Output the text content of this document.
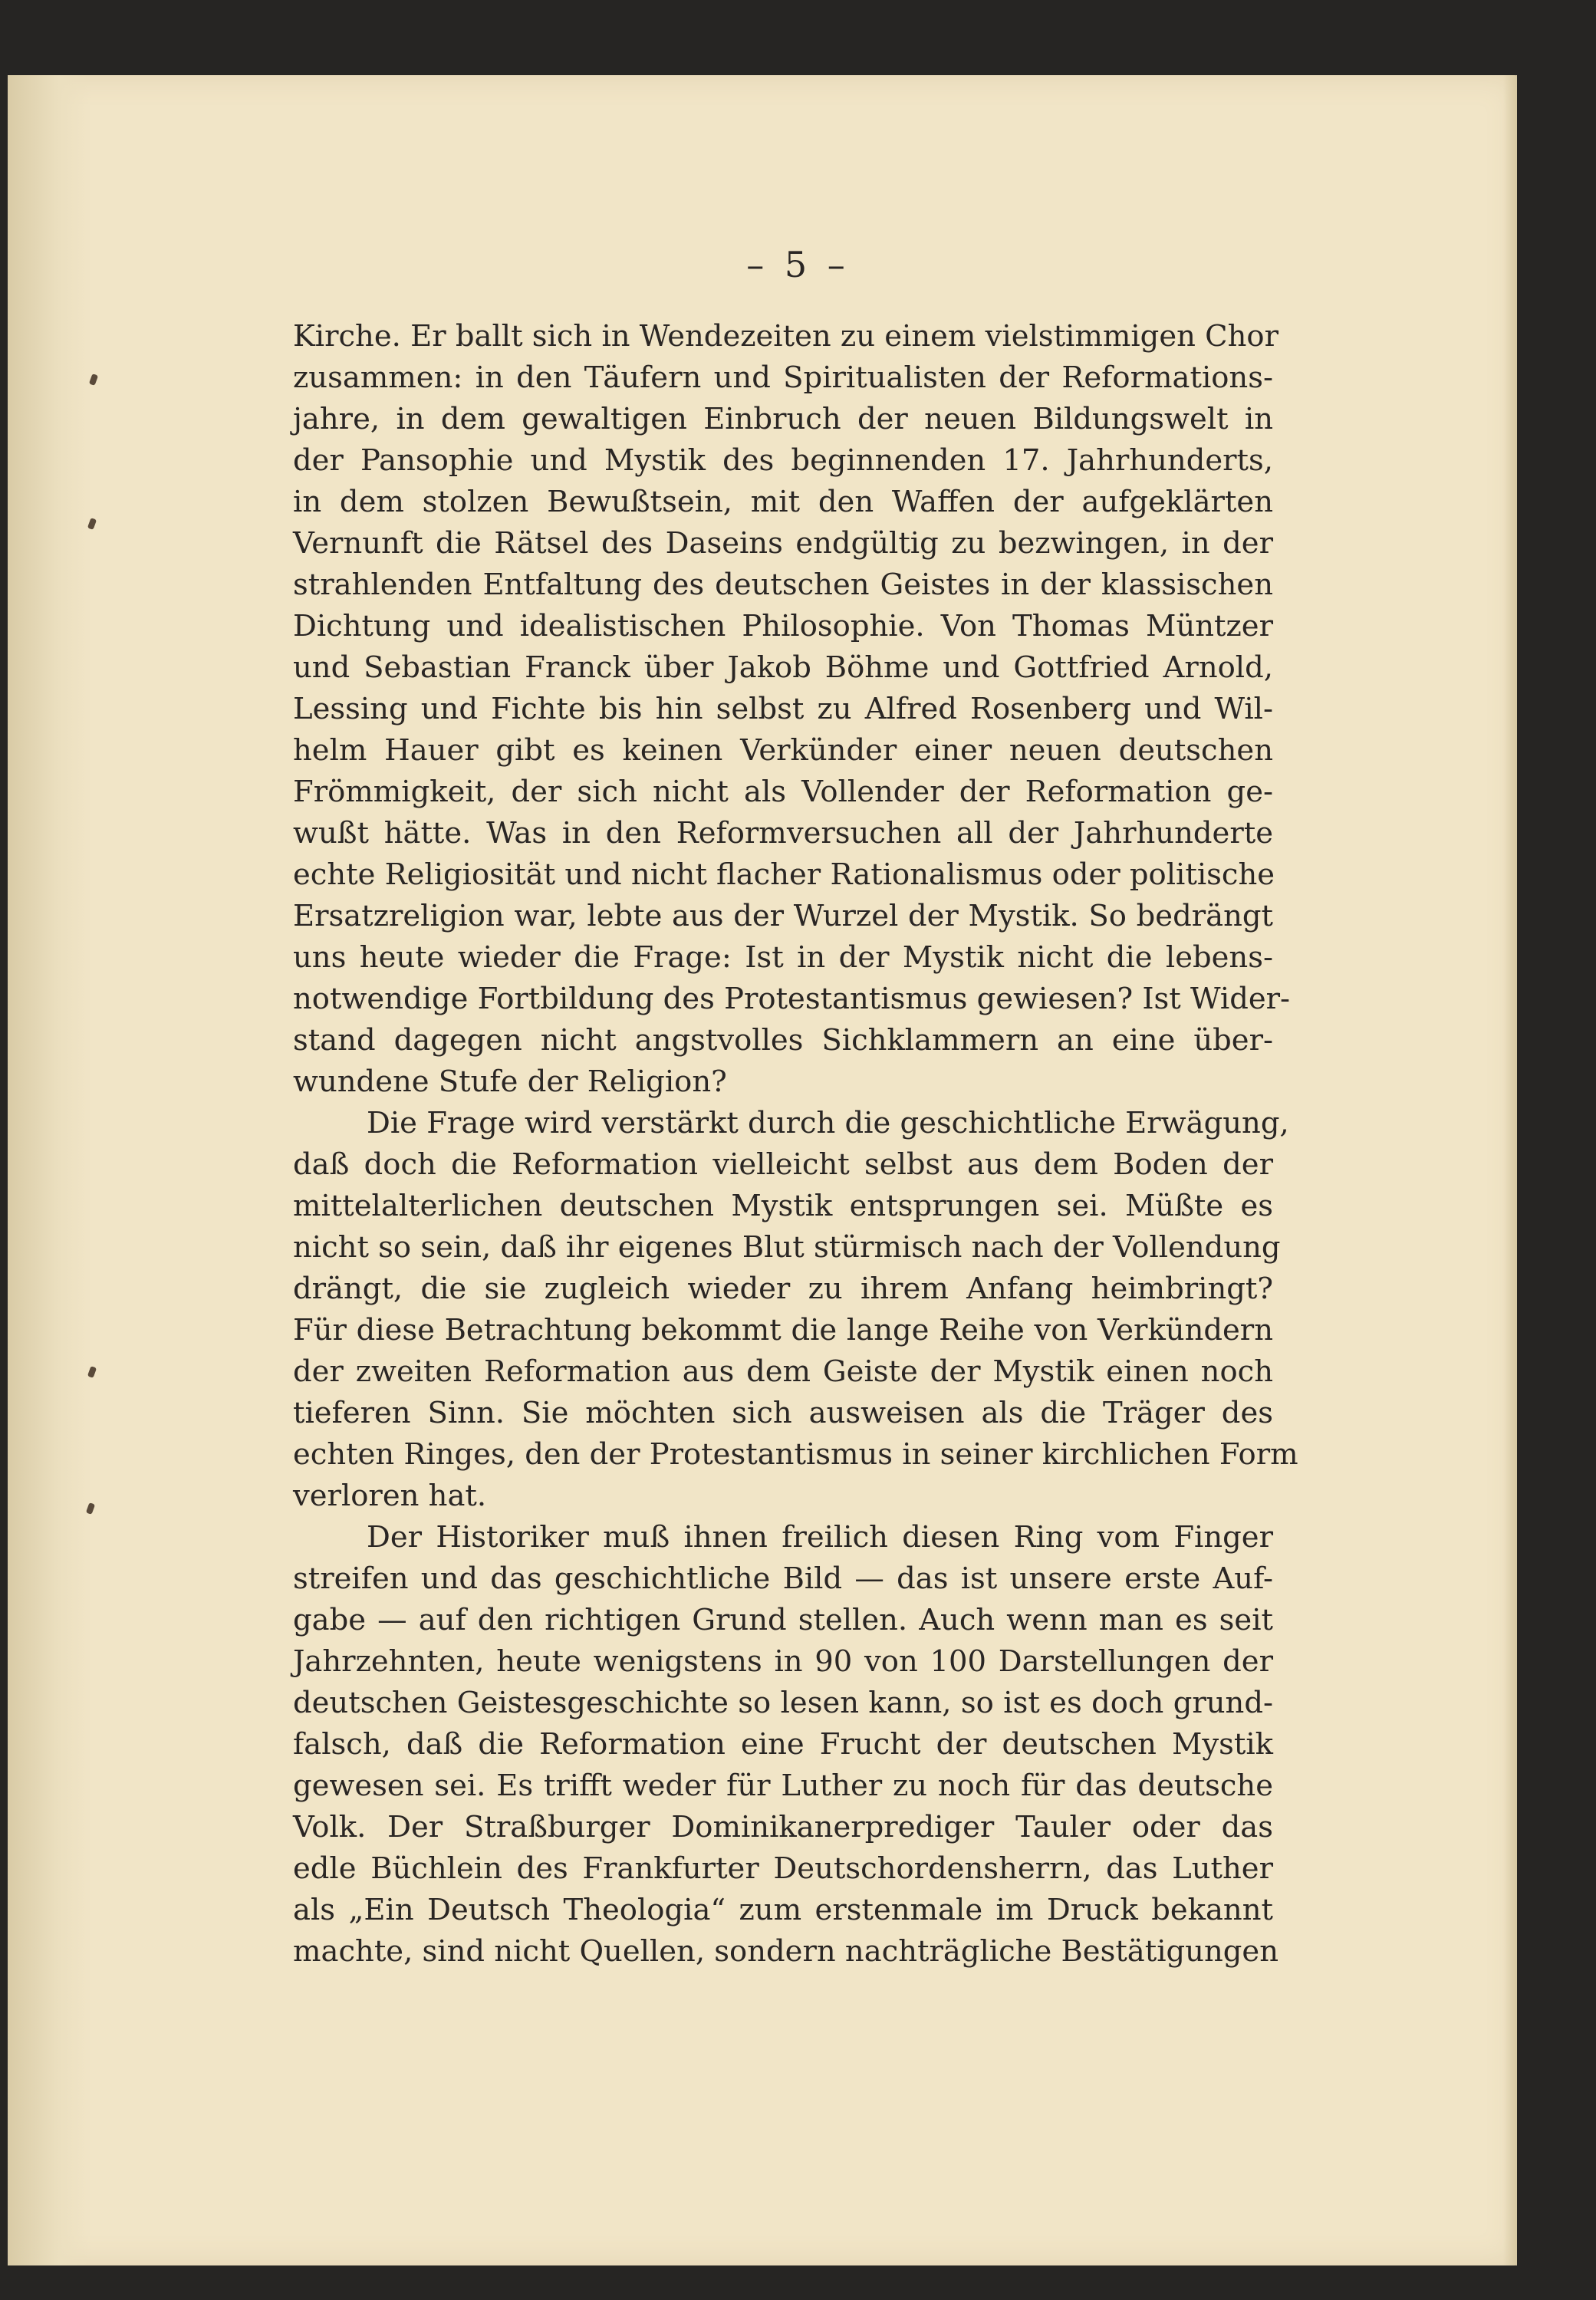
– 5 –
Kirche. Er ballt sich in Wendezeiten zu einem vielstimmigen Chor
zusammen: in den Täufern und Spiritualisten der Reformations-
jahre, in dem gewaltigen Einbruch der neuen Bildungswelt in
der Pansophie und Mystik des beginnenden 17. Jahrhunderts,
in dem stolzen Bewußtsein, mit den Waffen der aufgeklärten
Vernunft die Rätsel des Daseins endgültig zu bezwingen, in der
strahlenden Entfaltung des deutschen Geistes in der klassischen
Dichtung und idealistischen Philosophie. Von Thomas Müntzer
und Sebastian Franck über Jakob Böhme und Gottfried Arnold,
Lessing und Fichte bis hin selbst zu Alfred Rosenberg und Wil-
helm Hauer gibt es keinen Verkünder einer neuen deutschen
Frömmigkeit, der sich nicht als Vollender der Reformation ge-
wußt hätte. Was in den Reformversuchen all der Jahrhunderte
echte Religiosität und nicht flacher Rationalismus oder politische
Ersatzreligion war, lebte aus der Wurzel der Mystik. So bedrängt
uns heute wieder die Frage: Ist in der Mystik nicht die lebens-
notwendige Fortbildung des Protestantismus gewiesen? Ist Wider-
stand dagegen nicht angstvolles Sichklammern an eine über-
wundene Stufe der Religion?
Die Frage wird verstärkt durch die geschichtliche Erwägung,
daß doch die Reformation vielleicht selbst aus dem Boden der
mittelalterlichen deutschen Mystik entsprungen sei. Müßte es
nicht so sein, daß ihr eigenes Blut stürmisch nach der Vollendung
drängt, die sie zugleich wieder zu ihrem Anfang heimbringt?
Für diese Betrachtung bekommt die lange Reihe von Verkündern
der zweiten Reformation aus dem Geiste der Mystik einen noch
tieferen Sinn. Sie möchten sich ausweisen als die Träger des
echten Ringes, den der Protestantismus in seiner kirchlichen Form
verloren hat.
Der Historiker muß ihnen freilich diesen Ring vom Finger
streifen und das geschichtliche Bild — das ist unsere erste Auf-
gabe — auf den richtigen Grund stellen. Auch wenn man es seit
Jahrzehnten, heute wenigstens in 90 von 100 Darstellungen der
deutschen Geistesgeschichte so lesen kann, so ist es doch grund-
falsch, daß die Reformation eine Frucht der deutschen Mystik
gewesen sei. Es trifft weder für Luther zu noch für das deutsche
Volk. Der Straßburger Dominikanerprediger Tauler oder das
edle Büchlein des Frankfurter Deutschordensherrn, das Luther
als „Ein Deutsch Theologia“ zum erstenmale im Druck bekannt
machte, sind nicht Quellen, sondern nachträgliche Bestätigungen
